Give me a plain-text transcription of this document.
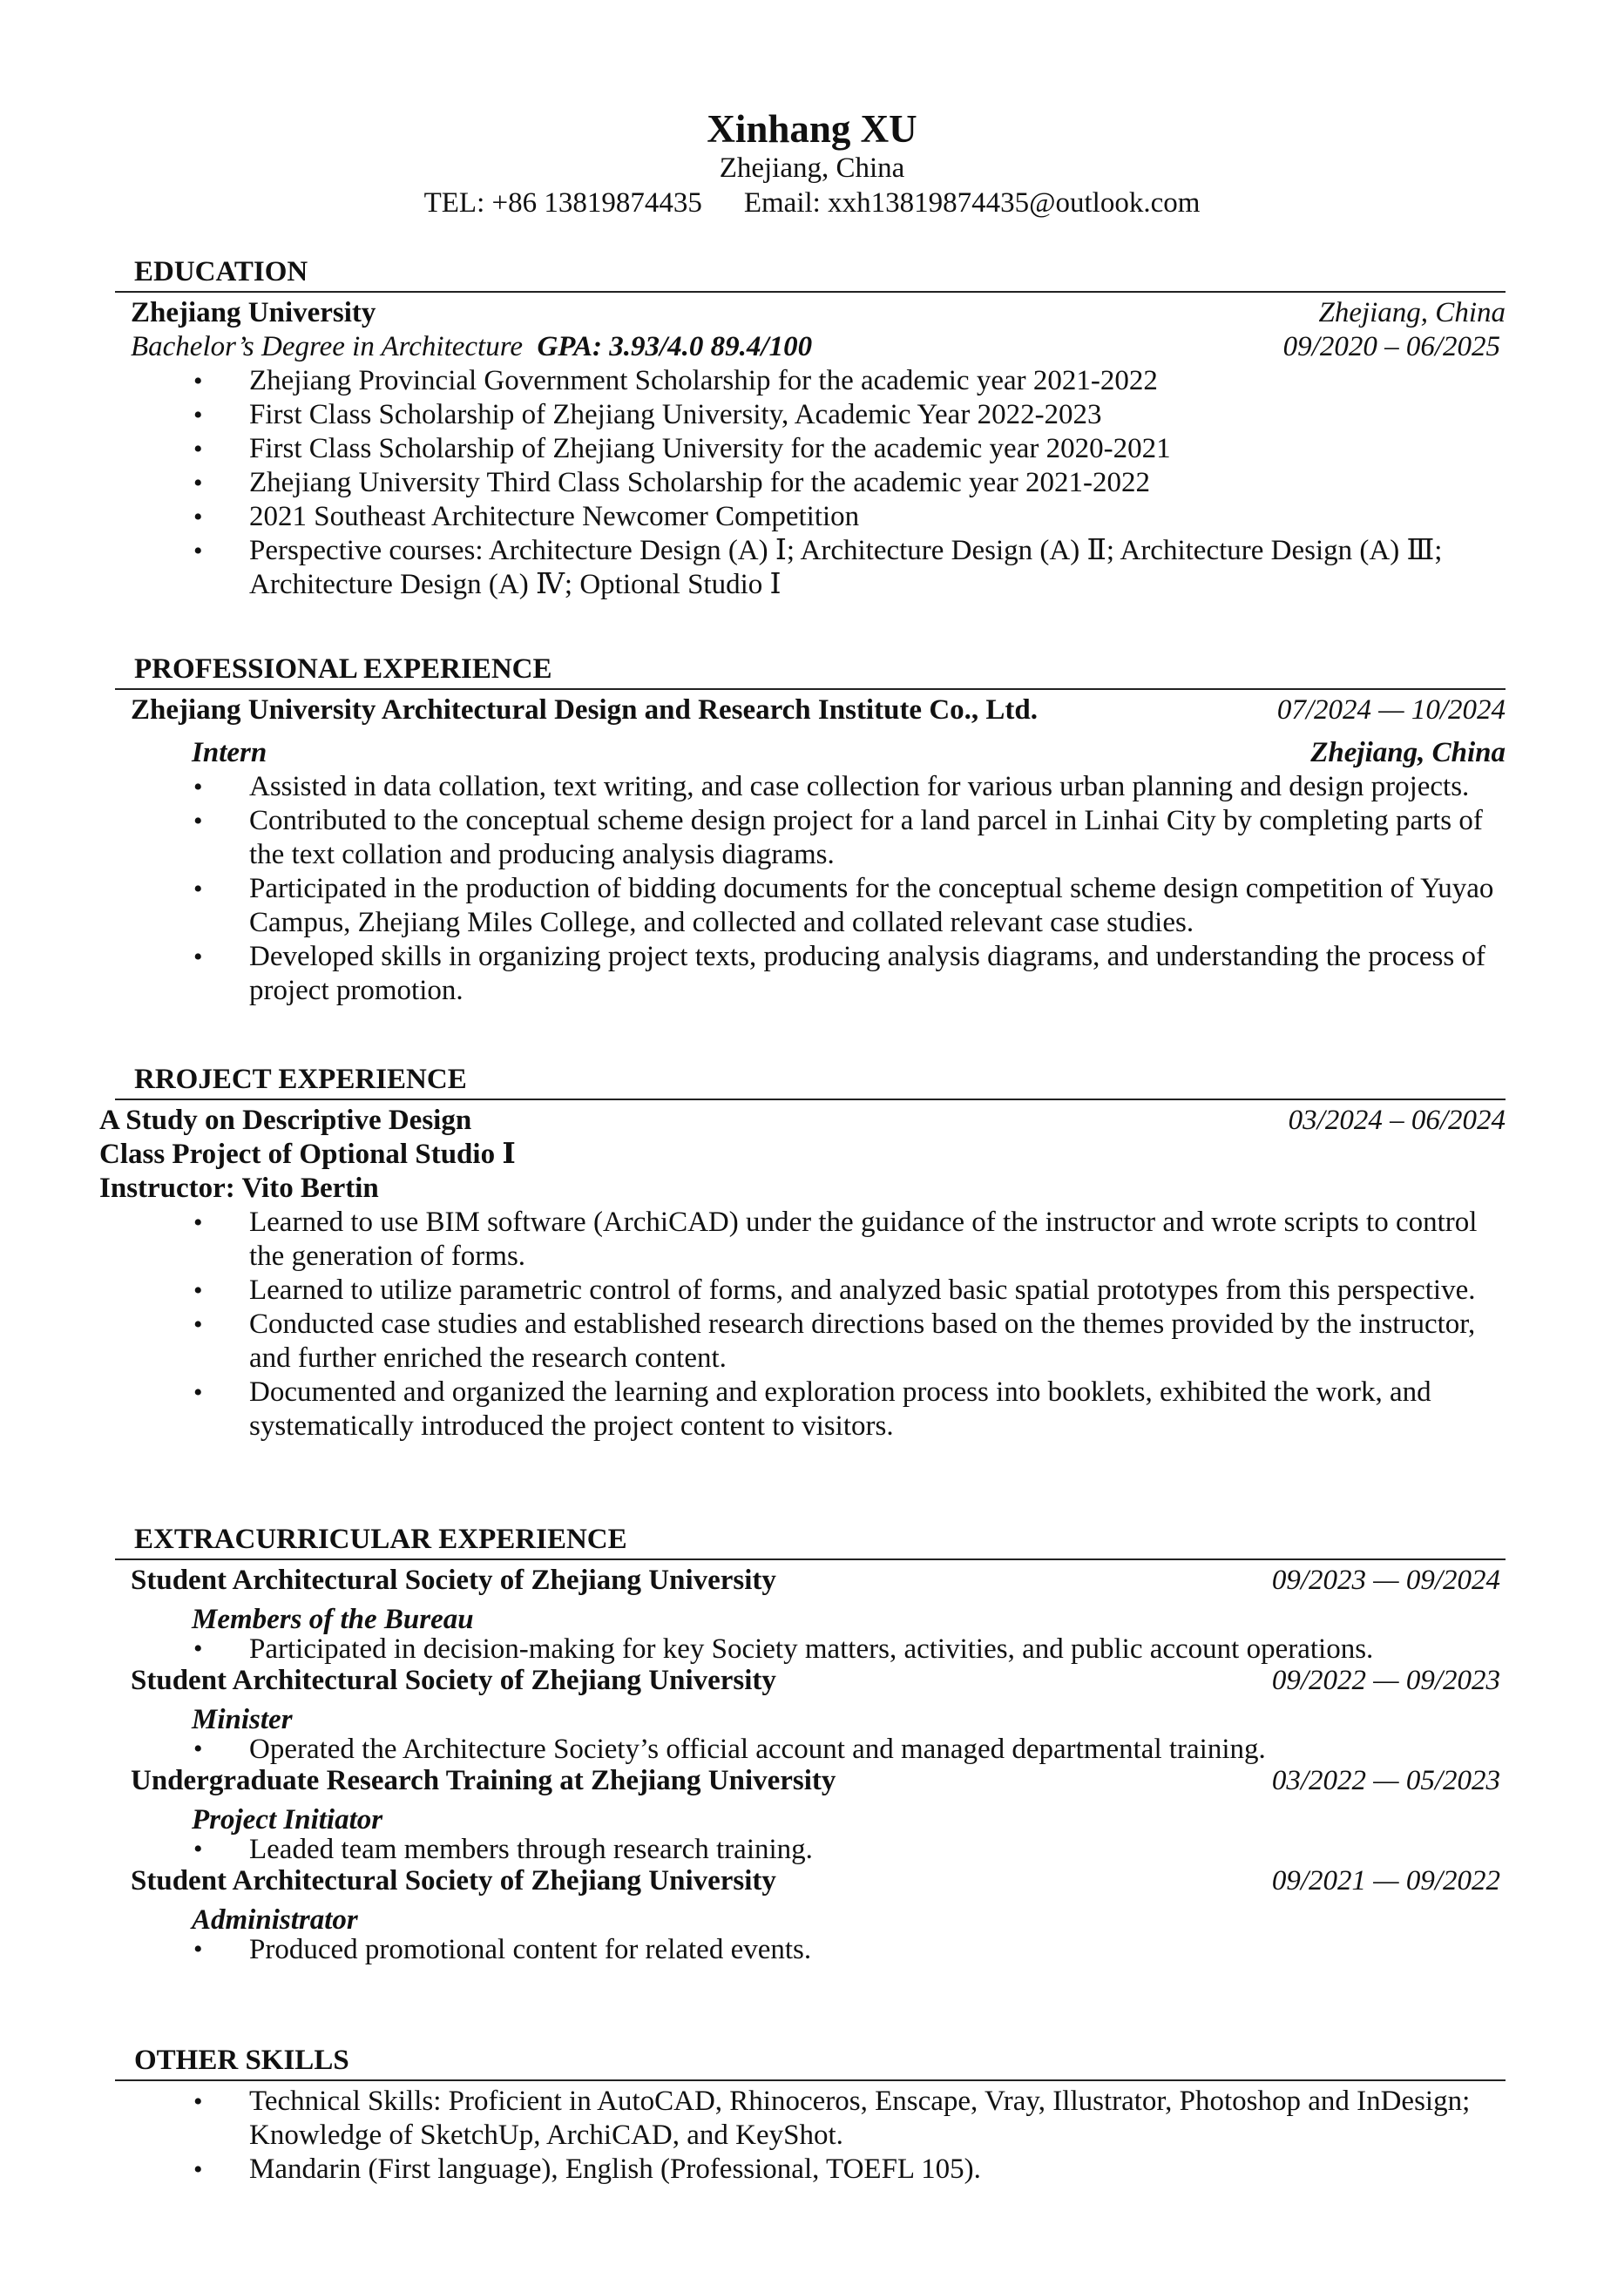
Xinhang XU
Zhejiang, China
TEL: +86 13819874435 Email: xxh13819874435@outlook.com
EDUCATION
Zhejiang University	Zhejiang, China
Bachelor’s Degree in Architecture GPA: 3.93/4.0 89.4/100	09/2020 – 06/2025
• Zhejiang Provincial Government Scholarship for the academic year 2021-2022
• First Class Scholarship of Zhejiang University, Academic Year 2022-2023
• First Class Scholarship of Zhejiang University for the academic year 2020-2021
• Zhejiang University Third Class Scholarship for the academic year 2021-2022
• 2021 Southeast Architecture Newcomer Competition
• Perspective courses: Architecture Design (A) Ⅰ; Architecture Design (A) Ⅱ; Architecture Design (A) Ⅲ; Architecture Design (A) Ⅳ; Optional Studio Ⅰ
PROFESSIONAL EXPERIENCE
Zhejiang University Architectural Design and Research Institute Co., Ltd.	07/2024 — 10/2024
Intern	Zhejiang, China
• Assisted in data collation, text writing, and case collection for various urban planning and design projects.
• Contributed to the conceptual scheme design project for a land parcel in Linhai City by completing parts of the text collation and producing analysis diagrams.
• Participated in the production of bidding documents for the conceptual scheme design competition of Yuyao Campus, Zhejiang Miles College, and collected and collated relevant case studies.
• Developed skills in organizing project texts, producing analysis diagrams, and understanding the process of project promotion.
RROJECT EXPERIENCE
A Study on Descriptive Design	03/2024 – 06/2024
Class Project of Optional Studio Ⅰ
Instructor: Vito Bertin
• Learned to use BIM software (ArchiCAD) under the guidance of the instructor and wrote scripts to control the generation of forms.
• Learned to utilize parametric control of forms, and analyzed basic spatial prototypes from this perspective.
• Conducted case studies and established research directions based on the themes provided by the instructor, and further enriched the research content.
• Documented and organized the learning and exploration process into booklets, exhibited the work, and systematically introduced the project content to visitors.
EXTRACURRICULAR EXPERIENCE
Student Architectural Society of Zhejiang University	09/2023 — 09/2024
Members of the Bureau
• Participated in decision-making for key Society matters, activities, and public account operations.
Student Architectural Society of Zhejiang University	09/2022 — 09/2023
Minister
• Operated the Architecture Society’s official account and managed departmental training.
Undergraduate Research Training at Zhejiang University	03/2022 — 05/2023
Project Initiator
• Leaded team members through research training.
Student Architectural Society of Zhejiang University	09/2021 — 09/2022
Administrator
• Produced promotional content for related events.
OTHER SKILLS
• Technical Skills: Proficient in AutoCAD, Rhinoceros, Enscape, Vray, Illustrator, Photoshop and InDesign; Knowledge of SketchUp, ArchiCAD, and KeyShot.
• Mandarin (First language), English (Professional, TOEFL 105).
